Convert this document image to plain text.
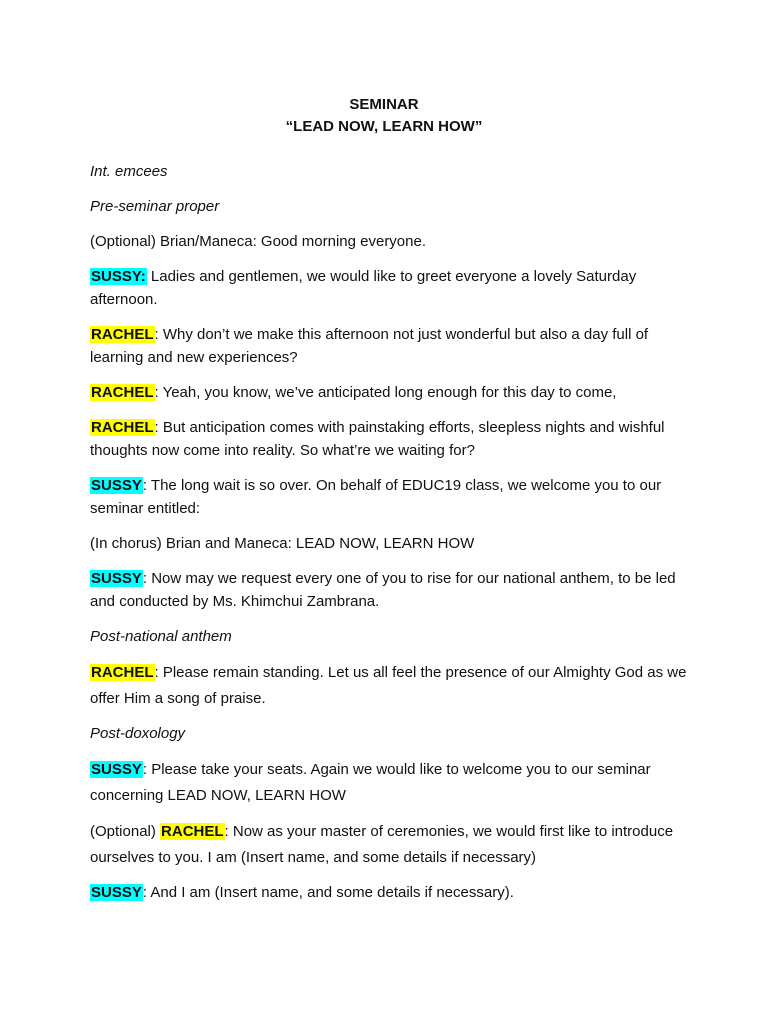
SEMINAR
“LEAD NOW, LEARN HOW”

Int. emcees

Pre-seminar proper

(Optional) Brian/Maneca: Good morning everyone.

SUSSY: Ladies and gentlemen, we would like to greet everyone a lovely Saturday afternoon.

RACHEL: Why don’t we make this afternoon not just wonderful but also a day full of learning and new experiences?

RACHEL: Yeah, you know, we’ve anticipated long enough for this day to come,

RACHEL: But anticipation comes with painstaking efforts, sleepless nights and wishful thoughts now come into reality. So what’re we waiting for?

SUSSY: The long wait is so over. On behalf of EDUC19 class, we welcome you to our seminar entitled:

(In chorus) Brian and Maneca: LEAD NOW, LEARN HOW

SUSSY: Now may we request every one of you to rise for our national anthem, to be led and conducted by Ms. Khimchui Zambrana.

Post-national anthem

RACHEL: Please remain standing. Let us all feel the presence of our Almighty God as we offer Him a song of praise.

Post-doxology

SUSSY: Please take your seats. Again we would like to welcome you to our seminar concerning LEAD NOW, LEARN HOW

(Optional) RACHEL: Now as your master of ceremonies, we would first like to introduce ourselves to you. I am (Insert name, and some details if necessary)

SUSSY: And I am (Insert name, and some details if necessary).
